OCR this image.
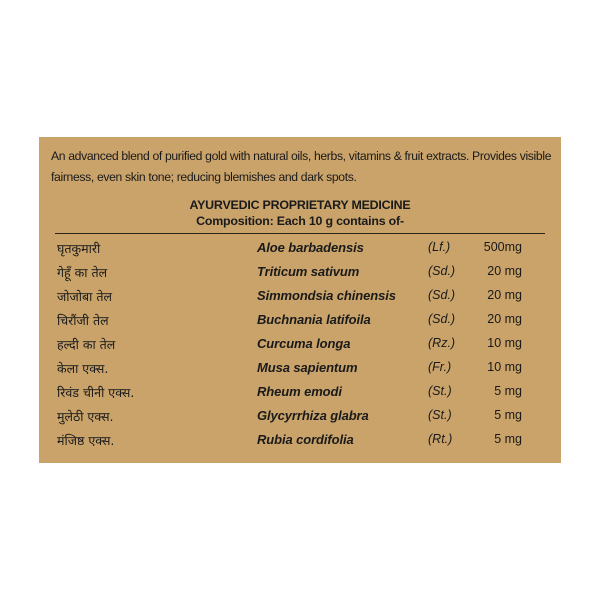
An advanced blend of purified gold with natural oils, herbs, vitamins & fruit extracts. Provides visible
fairness, even skin tone; reducing blemishes and dark spots.
AYURVEDIC PROPRIETARY MEDICINE
Composition: Each 10 g contains of-
घृतकुमारी	Aloe barbadensis	(Lf.)	500mg
गेहूँ का तेल	Triticum sativum	(Sd.)	20 mg
जोजोबा तेल	Simmondsia chinensis	(Sd.)	20 mg
चिरौंजी तेल	Buchnania latifoila	(Sd.)	20 mg
हल्दी का तेल	Curcuma longa	(Rz.)	10 mg
केला एक्स.	Musa sapientum	(Fr.)	10 mg
रिवंड चीनी एक्स.	Rheum emodi	(St.)	5 mg
मुलेठी एक्स.	Glycyrrhiza glabra	(St.)	5 mg
मंजिष्ठ एक्स.	Rubia cordifolia	(Rt.)	5 mg
